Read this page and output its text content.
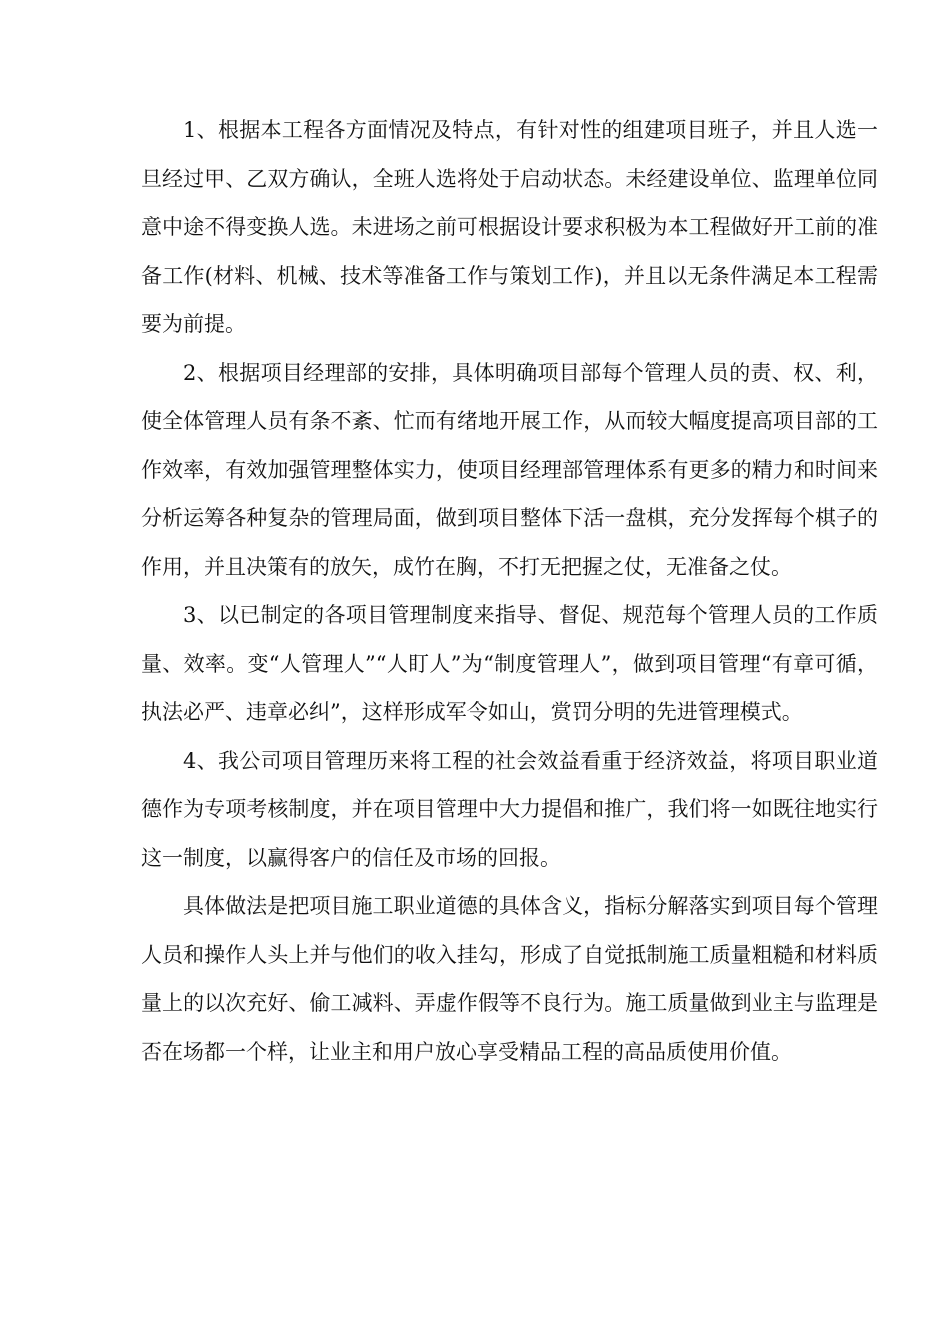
1、根据本工程各方面情况及特点，有针对性的组建项目班子，并且人选一旦经过甲、乙双方确认，全班人选将处于启动状态。未经建设单位、监理单位同意中途不得变换人选。未进场之前可根据设计要求积极为本工程做好开工前的准备工作(材料、机械、技术等准备工作与策划工作)，并且以无条件满足本工程需要为前提。

2、根据项目经理部的安排，具体明确项目部每个管理人员的责、权、利，使全体管理人员有条不紊、忙而有绪地开展工作，从而较大幅度提高项目部的工作效率，有效加强管理整体实力，使项目经理部管理体系有更多的精力和时间来分析运筹各种复杂的管理局面，做到项目整体下活一盘棋，充分发挥每个棋子的作用，并且决策有的放矢，成竹在胸，不打无把握之仗，无准备之仗。

3、以已制定的各项目管理制度来指导、督促、规范每个管理人员的工作质量、效率。变“人管理人”“人盯人”为“制度管理人”，做到项目管理“有章可循，执法必严、违章必纠”，这样形成军令如山，赏罚分明的先进管理模式。

4、我公司项目管理历来将工程的社会效益看重于经济效益，将项目职业道德作为专项考核制度，并在项目管理中大力提倡和推广，我们将一如既往地实行这一制度，以赢得客户的信任及市场的回报。

具体做法是把项目施工职业道德的具体含义，指标分解落实到项目每个管理人员和操作人头上并与他们的收入挂勾，形成了自觉抵制施工质量粗糙和材料质量上的以次充好、偷工减料、弄虚作假等不良行为。施工质量做到业主与监理是否在场都一个样，让业主和用户放心享受精品工程的高品质使用价值。
